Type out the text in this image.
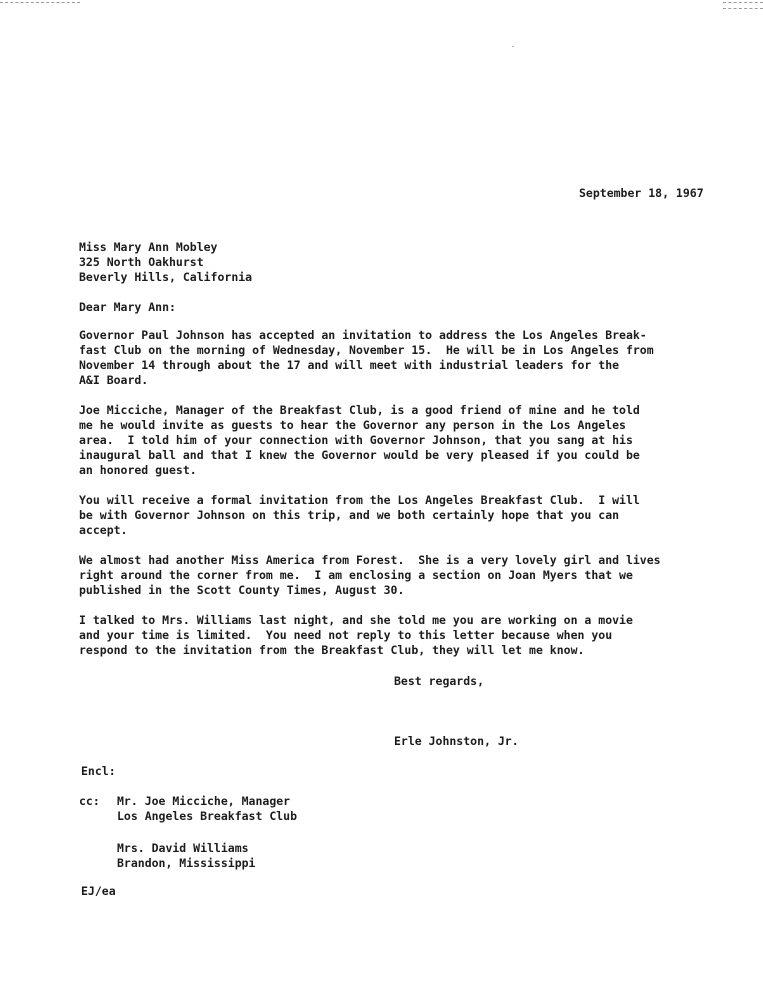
September 18, 1967
Miss Mary Ann Mobley
325 North Oakhurst
Beverly Hills, California
Dear Mary Ann:
Governor Paul Johnson has accepted an invitation to address the Los Angeles Break-
fast Club on the morning of Wednesday, November 15.  He will be in Los Angeles from
November 14 through about the 17 and will meet with industrial leaders for the
A&I Board.
Joe Micciche, Manager of the Breakfast Club, is a good friend of mine and he told
me he would invite as guests to hear the Governor any person in the Los Angeles
area.  I told him of your connection with Governor Johnson, that you sang at his
inaugural ball and that I knew the Governor would be very pleased if you could be
an honored guest.
You will receive a formal invitation from the Los Angeles Breakfast Club.  I will
be with Governor Johnson on this trip, and we both certainly hope that you can
accept.
We almost had another Miss America from Forest.  She is a very lovely girl and lives
right around the corner from me.  I am enclosing a section on Joan Myers that we
published in the Scott County Times, August 30.
I talked to Mrs. Williams last night, and she told me you are working on a movie
and your time is limited.  You need not reply to this letter because when you
respond to the invitation from the Breakfast Club, they will let me know.
Best regards,
Erle Johnston, Jr.
Encl:
cc: Mr. Joe Micciche, Manager
Los Angeles Breakfast Club
Mrs. David Williams
Brandon, Mississippi
EJ/ea
